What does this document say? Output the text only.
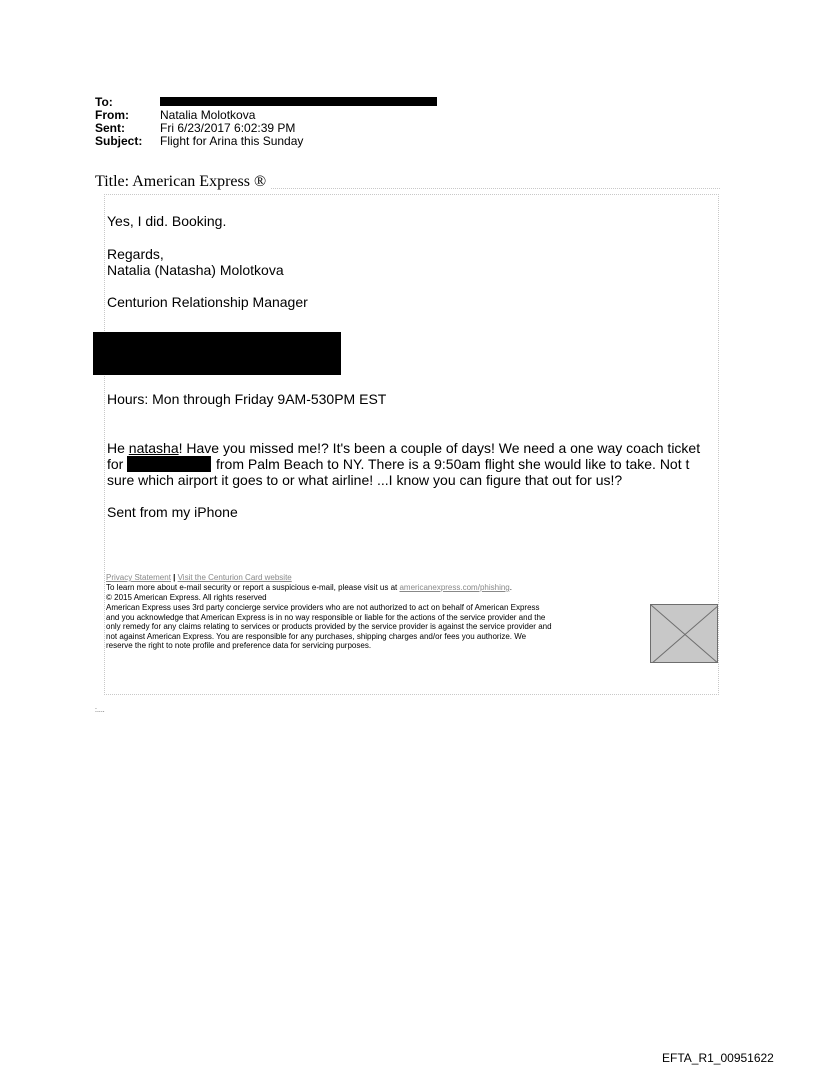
To:
From:	Natalia Molotkova
Sent:	Fri 6/23/2017 6:02:39 PM
Subject:	Flight for Arina this Sunday
Title: American Express ®
Yes, I did. Booking.
Regards,
Natalia (Natasha) Molotkova
Centurion Relationship Manager
Hours: Mon through Friday 9AM-530PM EST
He natasha! Have you missed me!? It's been a couple of days! We need a one way coach ticket
for	from Palm Beach to NY. There is a 9:50am flight she would like to take. Not t
sure which airport it goes to or what airline! ...I know you can figure that out for us!?
Sent from my iPhone
Privacy Statement | Visit the Centurion Card website
To learn more about e-mail security or report a suspicious e-mail, please visit us at americanexpress.com/phishing.
© 2015 American Express. All rights reserved
American Express uses 3rd party concierge service providers who are not authorized to act on behalf of American Express
and you acknowledge that American Express is in no way responsible or liable for the actions of the service provider and the
only remedy for any claims relating to services or products provided by the service provider is against the service provider and
not against American Express. You are responsible for any purchases, shipping charges and/or fees you authorize. We
reserve the right to note profile and preference data for servicing purposes.
:....
EFTA_R1_00951622
